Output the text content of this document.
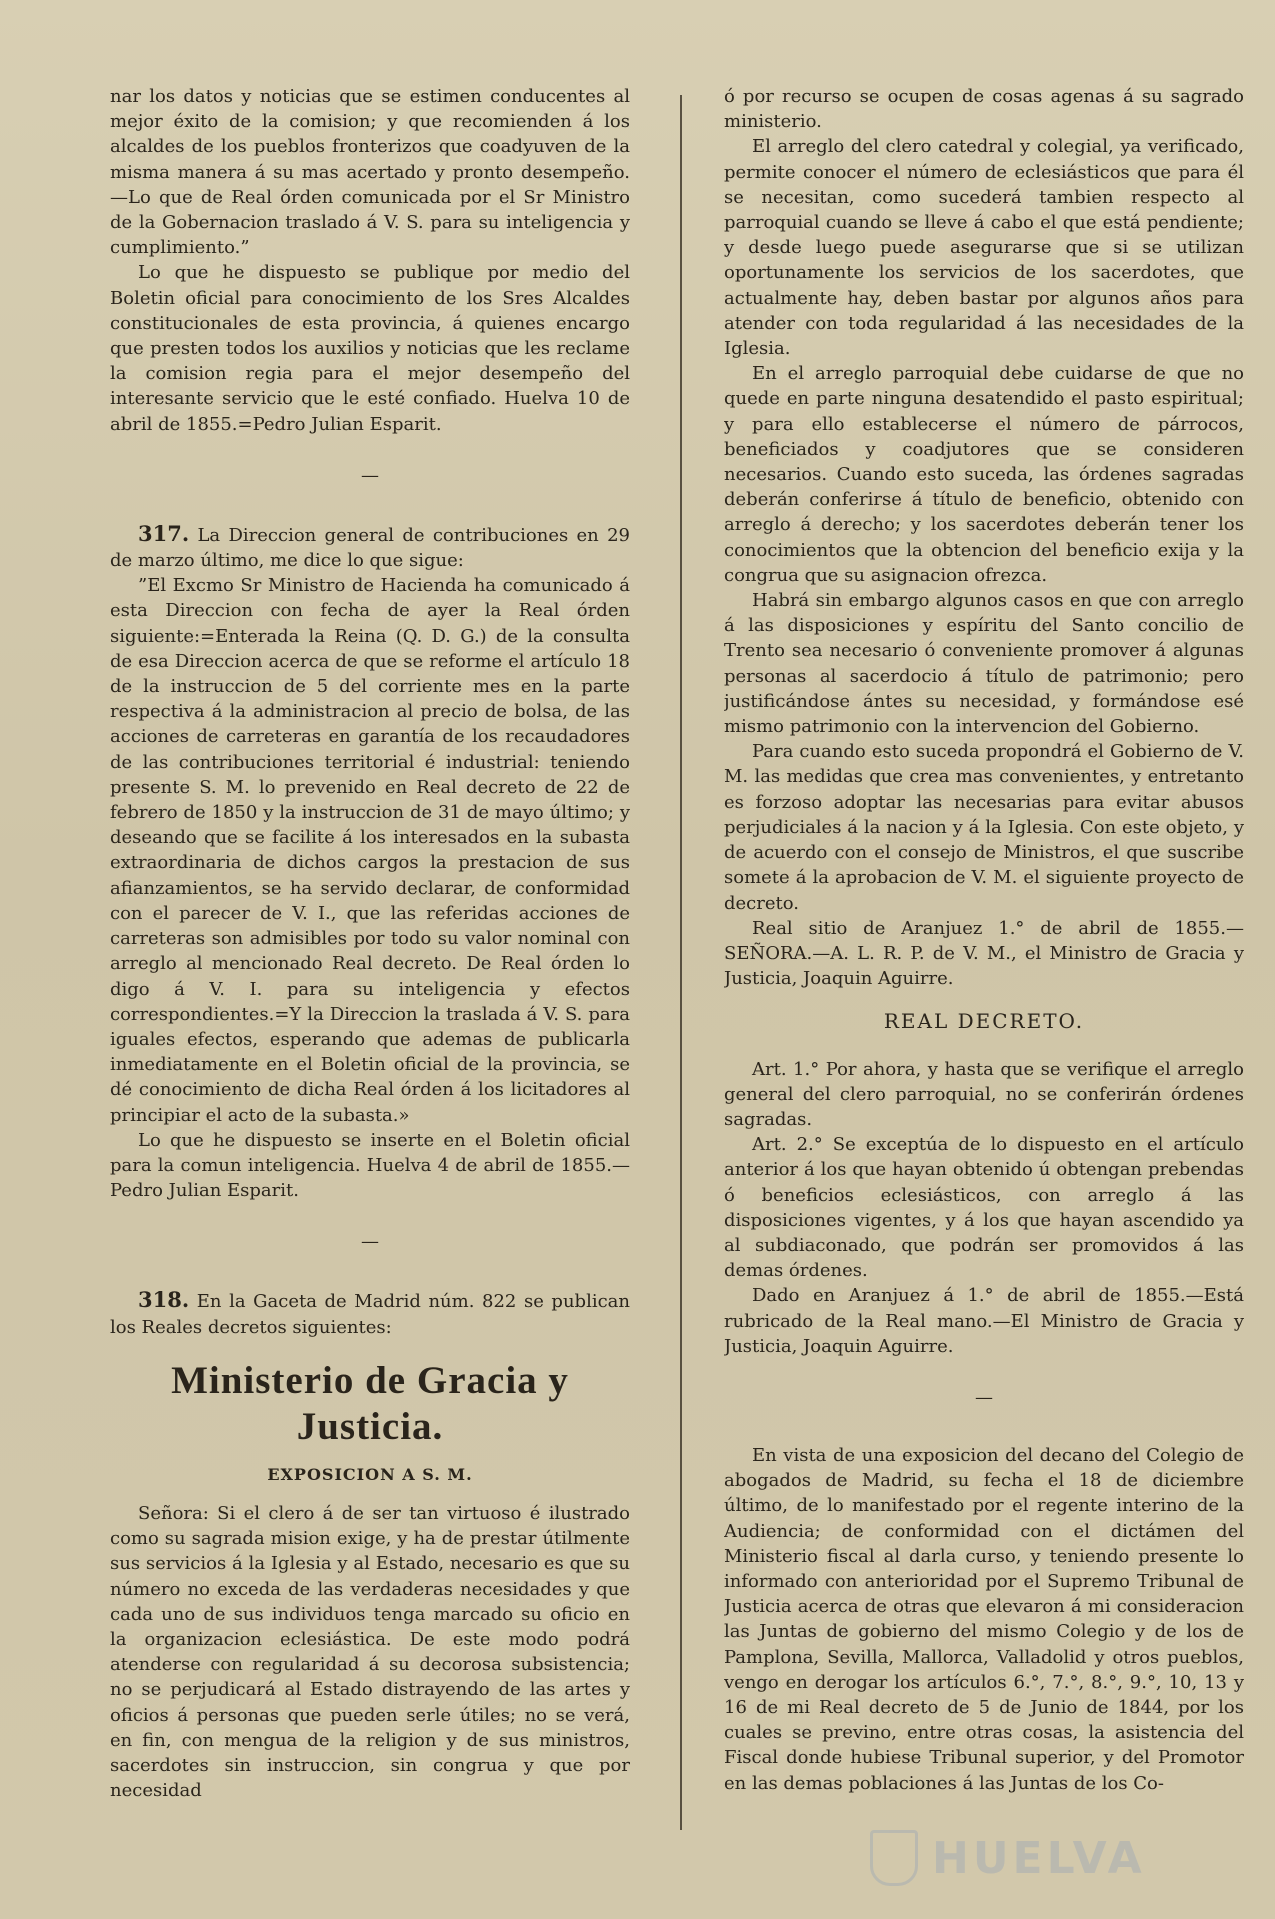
nar los datos y noticias que se estimen conducentes al mejor éxito de la comision; y que recomienden á los alcaldes de los pueblos fronterizos que coadyuven de la misma manera á su mas acertado y pronto desempeño.—Lo que de Real órden comunicada por el Sr Ministro de la Gobernacion traslado á V. S. para su inteligencia y cumplimiento.”

Lo que he dispuesto se publique por medio del Boletin oficial para conocimiento de los Sres Alcaldes constitucionales de esta provincia, á quienes encargo que presten todos los auxilios y noticias que les reclame la comision regia para el mejor desempeño del interesante servicio que le esté confiado. Huelva 10 de abril de 1855.=Pedro Julian Esparit.

—

317. La Direccion general de contribuciones en 29 de marzo último, me dice lo que sigue:

”El Excmo Sr Ministro de Hacienda ha comunicado á esta Direccion con fecha de ayer la Real órden siguiente:=Enterada la Reina (Q. D. G.) de la consulta de esa Direccion acerca de que se reforme el artículo 18 de la instruccion de 5 del corriente mes en la parte respectiva á la administracion al precio de bolsa, de las acciones de carreteras en garantía de los recaudadores de las contribuciones territorial é industrial: teniendo presente S. M. lo prevenido en Real decreto de 22 de febrero de 1850 y la instruccion de 31 de mayo último; y deseando que se facilite á los interesados en la subasta extraordinaria de dichos cargos la prestacion de sus afianzamientos, se ha servido declarar, de conformidad con el parecer de V. I., que las referidas acciones de carreteras son admisibles por todo su valor nominal con arreglo al mencionado Real decreto. De Real órden lo digo á V. I. para su inteligencia y efectos correspondientes.=Y la Direccion la traslada á V. S. para iguales efectos, esperando que ademas de publicarla inmediatamente en el Boletin oficial de la provincia, se dé conocimiento de dicha Real órden á los licitadores al principiar el acto de la subasta.»

Lo que he dispuesto se inserte en el Boletin oficial para la comun inteligencia. Huelva 4 de abril de 1855.—Pedro Julian Esparit.

—

318. En la Gaceta de Madrid núm. 822 se publican los Reales decretos siguientes:

Ministerio de Gracia y Justicia.
EXPOSICION A S. M.

Señora: Si el clero á de ser tan virtuoso é ilustrado como su sagrada mision exige, y ha de prestar útilmente sus servicios á la Iglesia y al Estado, necesario es que su número no exceda de las verdaderas necesidades y que cada uno de sus individuos tenga marcado su oficio en la organizacion eclesiástica. De este modo podrá atenderse con regularidad á su decorosa subsistencia; no se perjudicará al Estado distrayendo de las artes y oficios á personas que pueden serle útiles; no se verá, en fin, con mengua de la religion y de sus ministros, sacerdotes sin instruccion, sin congrua y que por necesidad

ó por recurso se ocupen de cosas agenas á su sagrado ministerio.

El arreglo del clero catedral y colegial, ya verificado, permite conocer el número de eclesiásticos que para él se necesitan, como sucederá tambien respecto al parroquial cuando se lleve á cabo el que está pendiente; y desde luego puede asegurarse que si se utilizan oportunamente los servicios de los sacerdotes, que actualmente hay, deben bastar por algunos años para atender con toda regularidad á las necesidades de la Iglesia.

En el arreglo parroquial debe cuidarse de que no quede en parte ninguna desatendido el pasto espiritual; y para ello establecerse el número de párrocos, beneficiados y coadjutores que se consideren necesarios. Cuando esto suceda, las órdenes sagradas deberán conferirse á título de beneficio, obtenido con arreglo á derecho; y los sacerdotes deberán tener los conocimientos que la obtencion del beneficio exija y la congrua que su asignacion ofrezca.

Habrá sin embargo algunos casos en que con arreglo á las disposiciones y espíritu del Santo concilio de Trento sea necesario ó conveniente promover á algunas personas al sacerdocio á título de patrimonio; pero justificándose ántes su necesidad, y formándose esé mismo patrimonio con la intervencion del Gobierno.

Para cuando esto suceda propondrá el Gobierno de V. M. las medidas que crea mas convenientes, y entretanto es forzoso adoptar las necesarias para evitar abusos perjudiciales á la nacion y á la Iglesia. Con este objeto, y de acuerdo con el consejo de Ministros, el que suscribe somete á la aprobacion de V. M. el siguiente proyecto de decreto.

Real sitio de Aranjuez 1.° de abril de 1855.—SEÑORA.—A. L. R. P. de V. M., el Ministro de Gracia y Justicia, Joaquin Aguirre.

REAL DECRETO.

Art. 1.° Por ahora, y hasta que se verifique el arreglo general del clero parroquial, no se conferirán órdenes sagradas.

Art. 2.° Se exceptúa de lo dispuesto en el artículo anterior á los que hayan obtenido ú obtengan prebendas ó beneficios eclesiásticos, con arreglo á las disposiciones vigentes, y á los que hayan ascendido ya al subdiaconado, que podrán ser promovidos á las demas órdenes.

Dado en Aranjuez á 1.° de abril de 1855.—Está rubricado de la Real mano.—El Ministro de Gracia y Justicia, Joaquin Aguirre.

—

En vista de una exposicion del decano del Colegio de abogados de Madrid, su fecha el 18 de diciembre último, de lo manifestado por el regente interino de la Audiencia; de conformidad con el dictámen del Ministerio fiscal al darla curso, y teniendo presente lo informado con anterioridad por el Supremo Tribunal de Justicia acerca de otras que elevaron á mi consideracion las Juntas de gobierno del mismo Colegio y de los de Pamplona, Sevilla, Mallorca, Valladolid y otros pueblos, vengo en derogar los artículos 6.°, 7.°, 8.°, 9.°, 10, 13 y 16 de mi Real decreto de 5 de Junio de 1844, por los cuales se previno, entre otras cosas, la asistencia del Fiscal donde hubiese Tribunal superior, y del Promotor en las demas poblaciones á las Juntas de los Co-

HUELVA
